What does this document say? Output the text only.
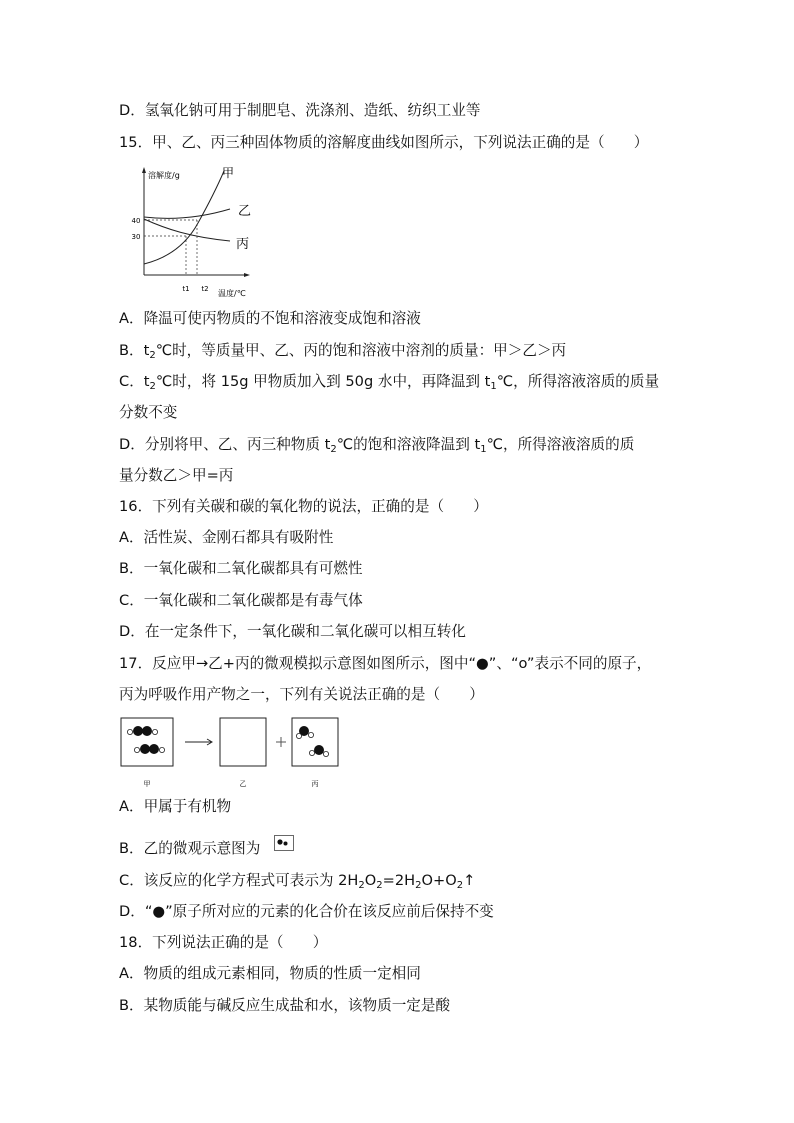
D．氢氧化钠可用于制肥皂、洗涤剂、造纸、纺织工业等
15．甲、乙、丙三种固体物质的溶解度曲线如图所示，下列说法正确的是（　　）
溶解度/g
温度/℃
40
30
t1 t2
甲
乙
丙
A．降温可使丙物质的不饱和溶液变成饱和溶液
B．$t_2℃$时，等质量甲、乙、丙的饱和溶液中溶剂的质量：甲＞乙＞丙
C．$t_2℃$时，将 15g 甲物质加入到 50g 水中，再降温到 $t_1℃$，所得溶液溶质的质量
分数不变
D．分别将甲、乙、丙三种物质 $t_2℃$的饱和溶液降温到 $t_1℃$，所得溶液溶质的质
量分数乙＞甲=丙
16．下列有关碳和碳的氧化物的说法，正确的是（　　）
A．活性炭、金刚石都具有吸附性
B．一氧化碳和二氧化碳都具有可燃性
C．一氧化碳和二氧化碳都是有毒气体
D．在一定条件下，一氧化碳和二氧化碳可以相互转化
17．反应甲→乙+丙的微观模拟示意图如图所示，图中“●”、“o”表示不同的原子，
丙为呼吸作用产物之一，下列有关说法正确的是（　　）
甲	乙	丙
A．甲属于有机物
B．乙的微观示意图为
C．该反应的化学方程式可表示为 $2H_2O_2=2H_2O+O_2↑$
D．“●”原子所对应的元素的化合价在该反应前后保持不变
18．下列说法正确的是（　　）
A．物质的组成元素相同，物质的性质一定相同
B．某物质能与碱反应生成盐和水，该物质一定是酸
